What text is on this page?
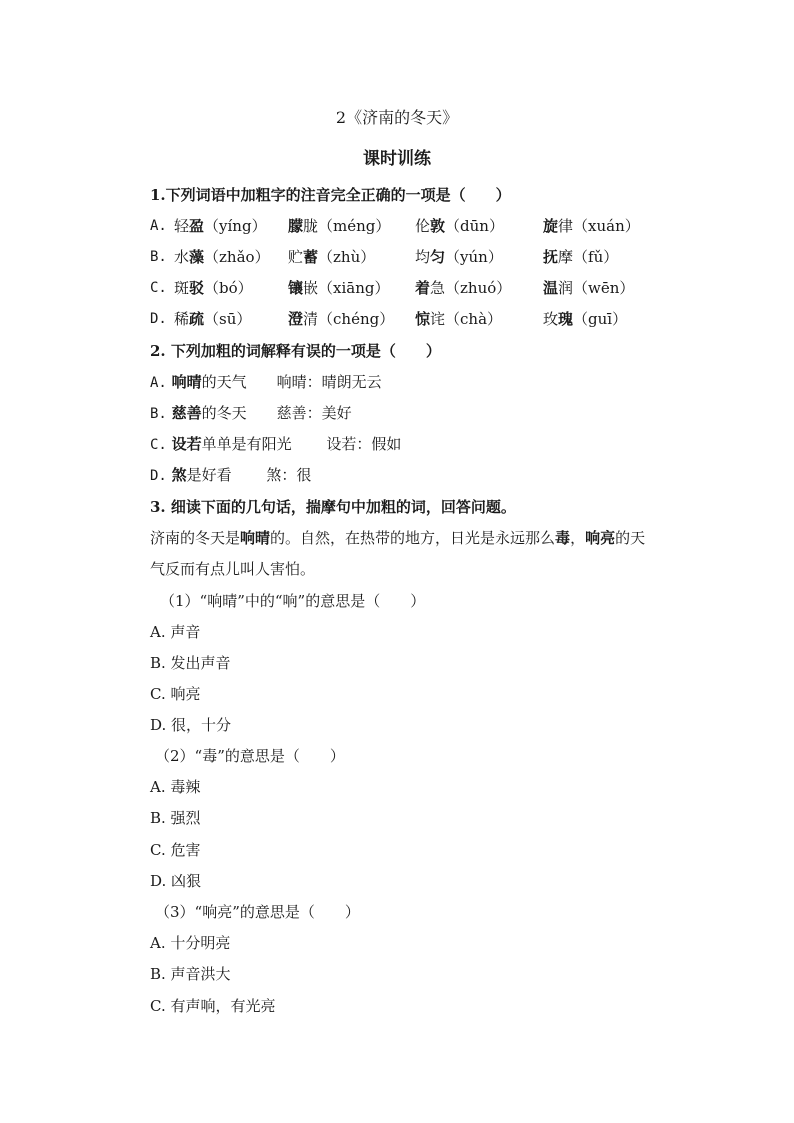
2《济南的冬天》
课时训练
1.下列词语中加粗字的注音完全正确的一项是（　　）
A. 轻盈（yíng） 朦胧（méng） 伦敦（dūn）	旋律（xuán）
B. 水藻（zhǎo） 贮蓄（zhù）	均匀（yún）	抚摩（fǔ）
C. 斑驳（bó） 镶嵌（xiāng） 着急（zhuó） 温润（wēn）
D. 稀疏（sū） 澄清（chéng） 惊诧（chà）	玫瑰（guī）
2. 下列加粗的词解释有误的一项是（　　）
A. 响晴的天气　　响晴：晴朗无云
B. 慈善的冬天　　慈善：美好
C. 设若单单是有阳光　　 设若：假如
D. 煞是好看　　 煞：很
3. 细读下面的几句话，揣摩句中加粗的词，回答问题。
济南的冬天是响晴的。自然，在热带的地方，日光是永远那么毒，响亮的天
气反而有点儿叫人害怕。
（1）“响晴”中的“响”的意思是（　　）
A. 声音
B. 发出声音
C. 响亮
D. 很，十分
（2）“毒”的意思是（　　）
A. 毒辣
B. 强烈
C. 危害
D. 凶狠
（3）“响亮”的意思是（　　）
A. 十分明亮
B. 声音洪大
C. 有声响，有光亮
